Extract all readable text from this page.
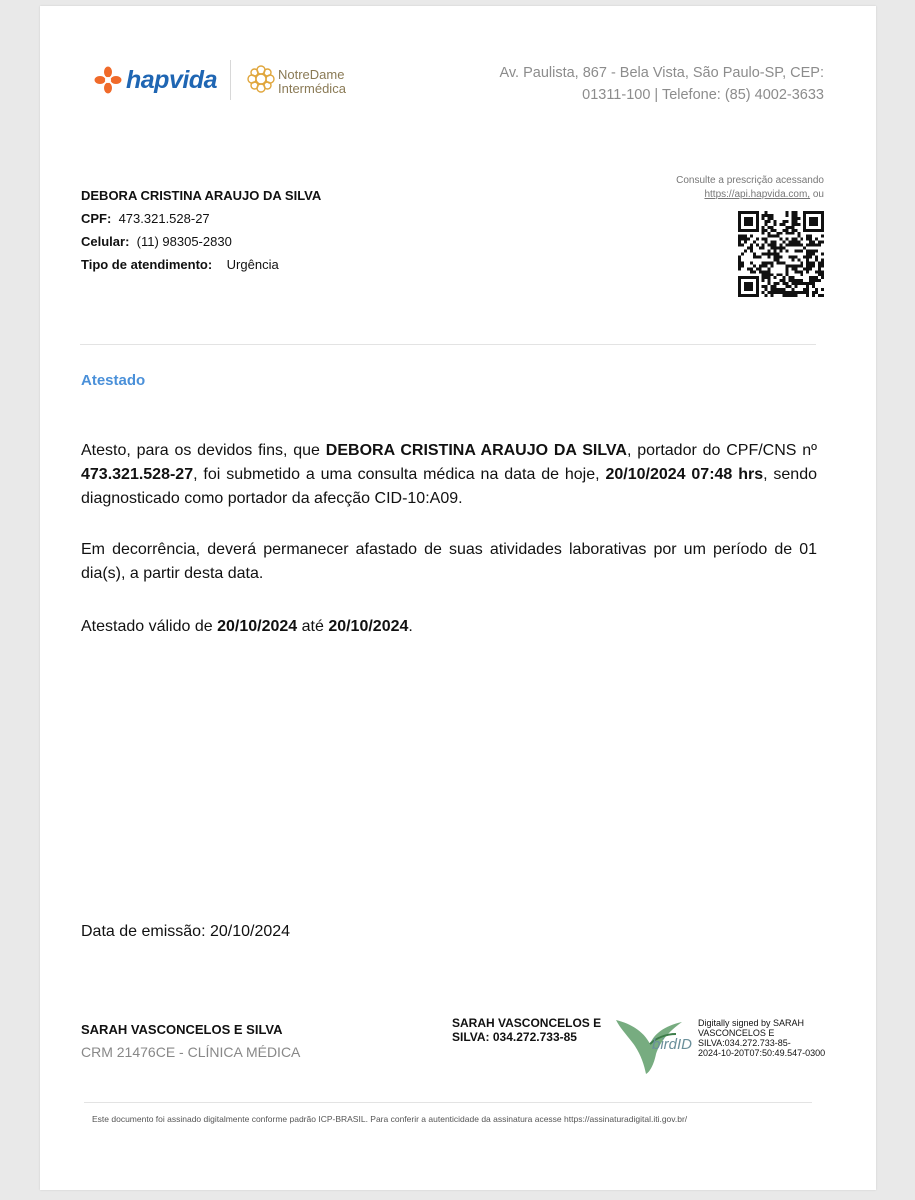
hapvida	NotreDame
Intermédica
Av. Paulista, 867 - Bela Vista, São Paulo-SP, CEP:
01311-100 | Telefone: (85) 4002-3633
DEBORA CRISTINA ARAUJO DA SILVA
CPF: 473.321.528-27
Celular: (11) 98305-2830
Tipo de atendimento: Urgência
Consulte a prescrição acessando
https://api.hapvida.com, ou
Atestado
Atesto, para os devidos fins, que DEBORA CRISTINA ARAUJO DA SILVA, portador do CPF/CNS nº 473.321.528-27, foi submetido a uma consulta médica na data de hoje, 20/10/2024 07:48 hrs, sendo diagnosticado como portador da afecção CID-10:A09.
Em decorrência, deverá permanecer afastado de suas atividades laborativas por um período de 01 dia(s), a partir desta data.
Atestado válido de 20/10/2024 até 20/10/2024.
Data de emissão: 20/10/2024
SARAH VASCONCELOS E SILVA
CRM 21476CE - CLÍNICA MÉDICA
SARAH VASCONCELOS E
SILVA: 034.272.733-85	birdID
Digitally signed by SARAH
VASCONCELOS E
SILVA:034.272.733-85-
2024-10-20T07:50:49.547-0300
Este documento foi assinado digitalmente conforme padrão ICP-BRASIL. Para conferir a autenticidade da assinatura acesse https://assinaturadigital.iti.gov.br/
